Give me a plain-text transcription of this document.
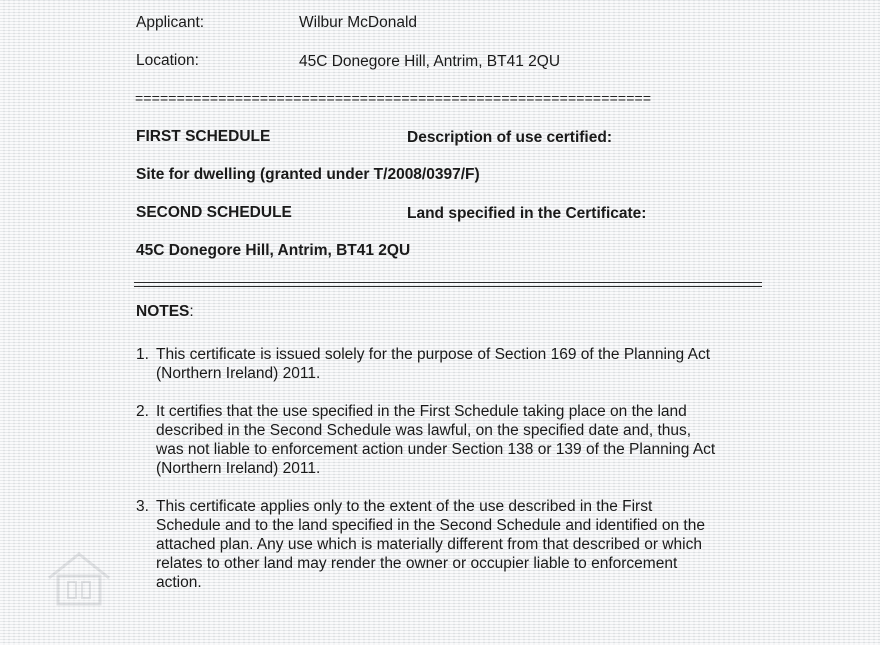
Applicant:	Wilbur McDonald
Location:	45C Donegore Hill, Antrim, BT41 2QU
==============================================================
FIRST SCHEDULE	Description of use certified:
Site for dwelling (granted under T/2008/0397/F)
SECOND SCHEDULE	Land specified in the Certificate:
45C Donegore Hill, Antrim, BT41 2QU
NOTES:
1. This certificate is issued solely for the purpose of Section 169 of the Planning Act
(Northern Ireland) 2011.
2. It certifies that the use specified in the First Schedule taking place on the land
described in the Second Schedule was lawful, on the specified date and, thus,
was not liable to enforcement action under Section 138 or 139 of the Planning Act
(Northern Ireland) 2011.
3. This certificate applies only to the extent of the use described in the First
Schedule and to the land specified in the Second Schedule and identified on the
attached plan. Any use which is materially different from that described or which
relates to other land may render the owner or occupier liable to enforcement
action.
